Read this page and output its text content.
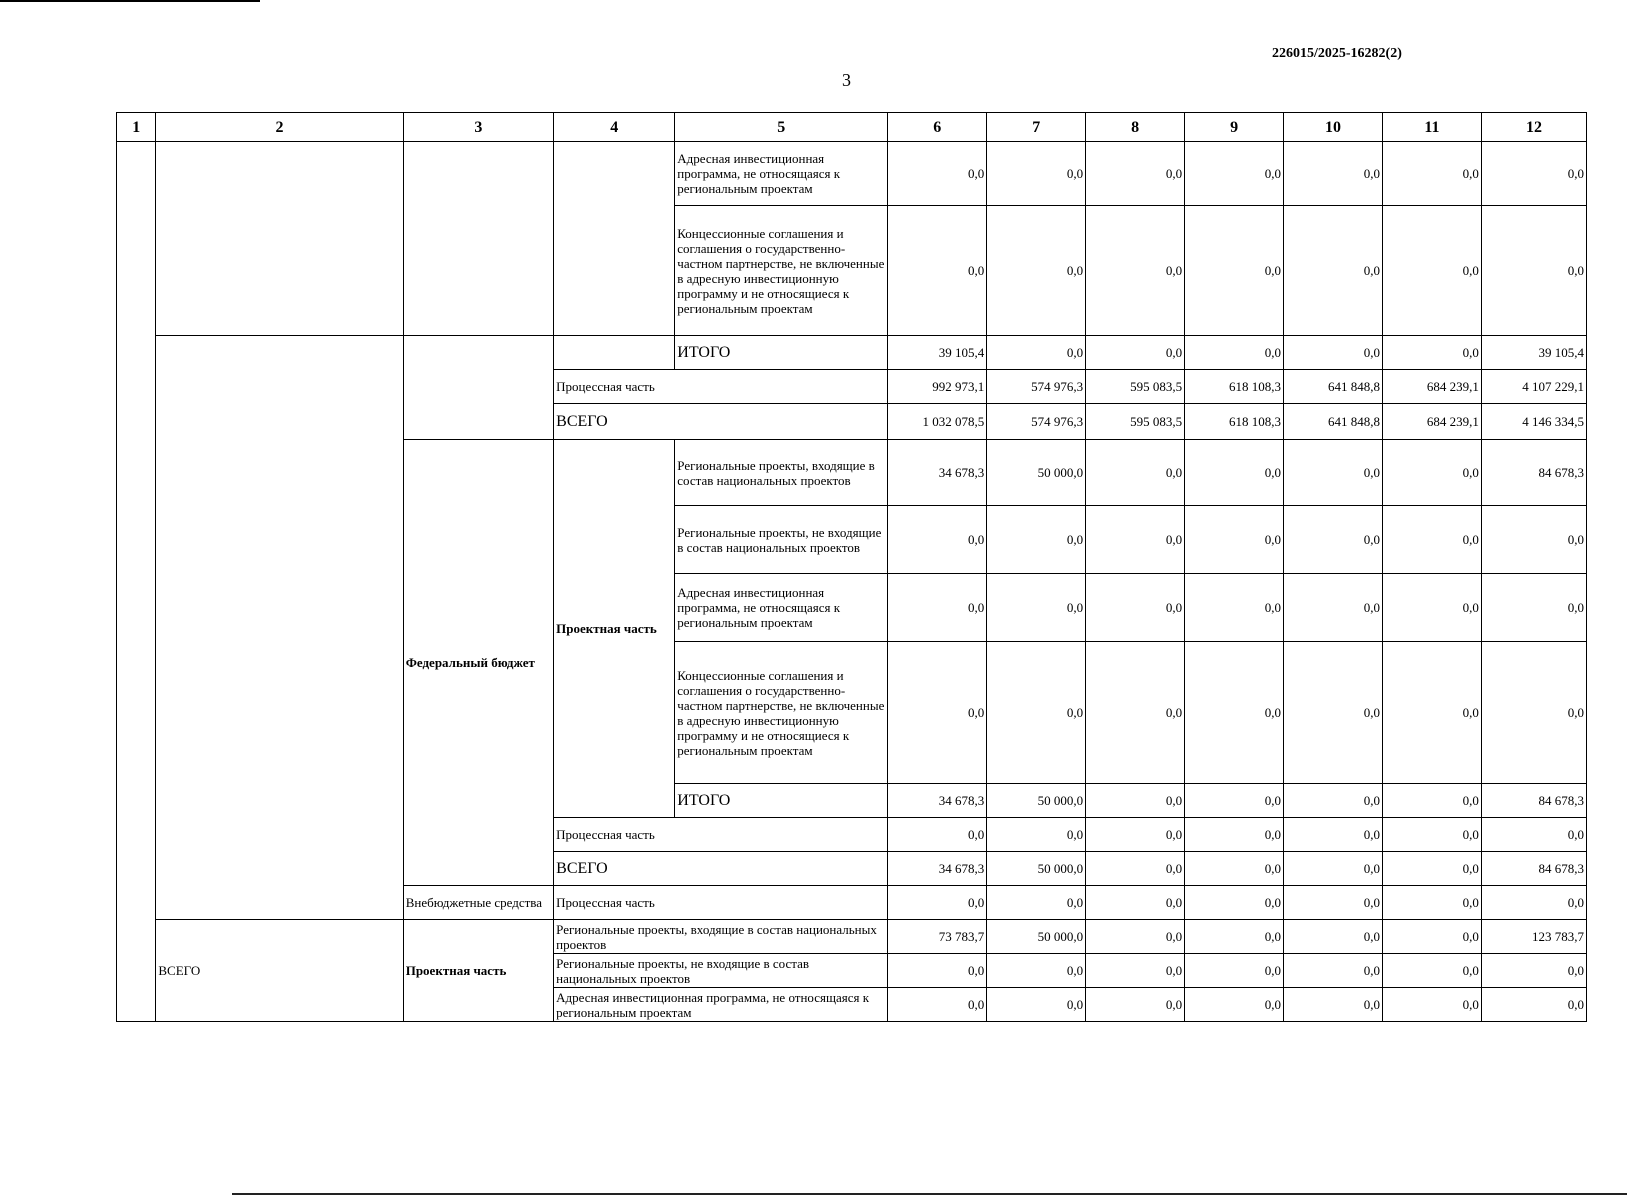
226015/2025-16282(2)
3
1	2	3	4	5	6	7	8	9	10	11	12
				Адресная инвестиционная программа, не относящаяся к региональным проектам	0,0	0,0	0,0	0,0	0,0	0,0	0,0
				Концессионные соглашения и соглашения о государственно-частном партнерстве, не включенные в адресную инвестиционную программу и не относящиеся к региональным проектам	0,0	0,0	0,0	0,0	0,0	0,0	0,0
				ИТОГО	39 105,4	0,0	0,0	0,0	0,0	0,0	39 105,4
			Процессная часть		992 973,1	574 976,3	595 083,5	618 108,3	641 848,8	684 239,1	4 107 229,1
			ВСЕГО		1 032 078,5	574 976,3	595 083,5	618 108,3	641 848,8	684 239,1	4 146 334,5
		Федеральный бюджет	Проектная часть	Региональные проекты, входящие в состав национальных проектов	34 678,3	50 000,0	0,0	0,0	0,0	0,0	84 678,3
				Региональные проекты, не входящие в состав национальных проектов	0,0	0,0	0,0	0,0	0,0	0,0	0,0
				Адресная инвестиционная программа, не относящаяся к региональным проектам	0,0	0,0	0,0	0,0	0,0	0,0	0,0
				Концессионные соглашения и соглашения о государственно-частном партнерстве, не включенные в адресную инвестиционную программу и не относящиеся к региональным проектам	0,0	0,0	0,0	0,0	0,0	0,0	0,0
				ИТОГО	34 678,3	50 000,0	0,0	0,0	0,0	0,0	84 678,3
			Процессная часть		0,0	0,0	0,0	0,0	0,0	0,0	0,0
			ВСЕГО		34 678,3	50 000,0	0,0	0,0	0,0	0,0	84 678,3
		Внебюджетные средства	Процессная часть		0,0	0,0	0,0	0,0	0,0	0,0	0,0
	ВСЕГО	Проектная часть	Региональные проекты, входящие в состав национальных проектов		73 783,7	50 000,0	0,0	0,0	0,0	0,0	123 783,7
			Региональные проекты, не входящие в состав национальных проектов		0,0	0,0	0,0	0,0	0,0	0,0	0,0
			Адресная инвестиционная программа, не относящаяся к региональным проектам		0,0	0,0	0,0	0,0	0,0	0,0	0,0
